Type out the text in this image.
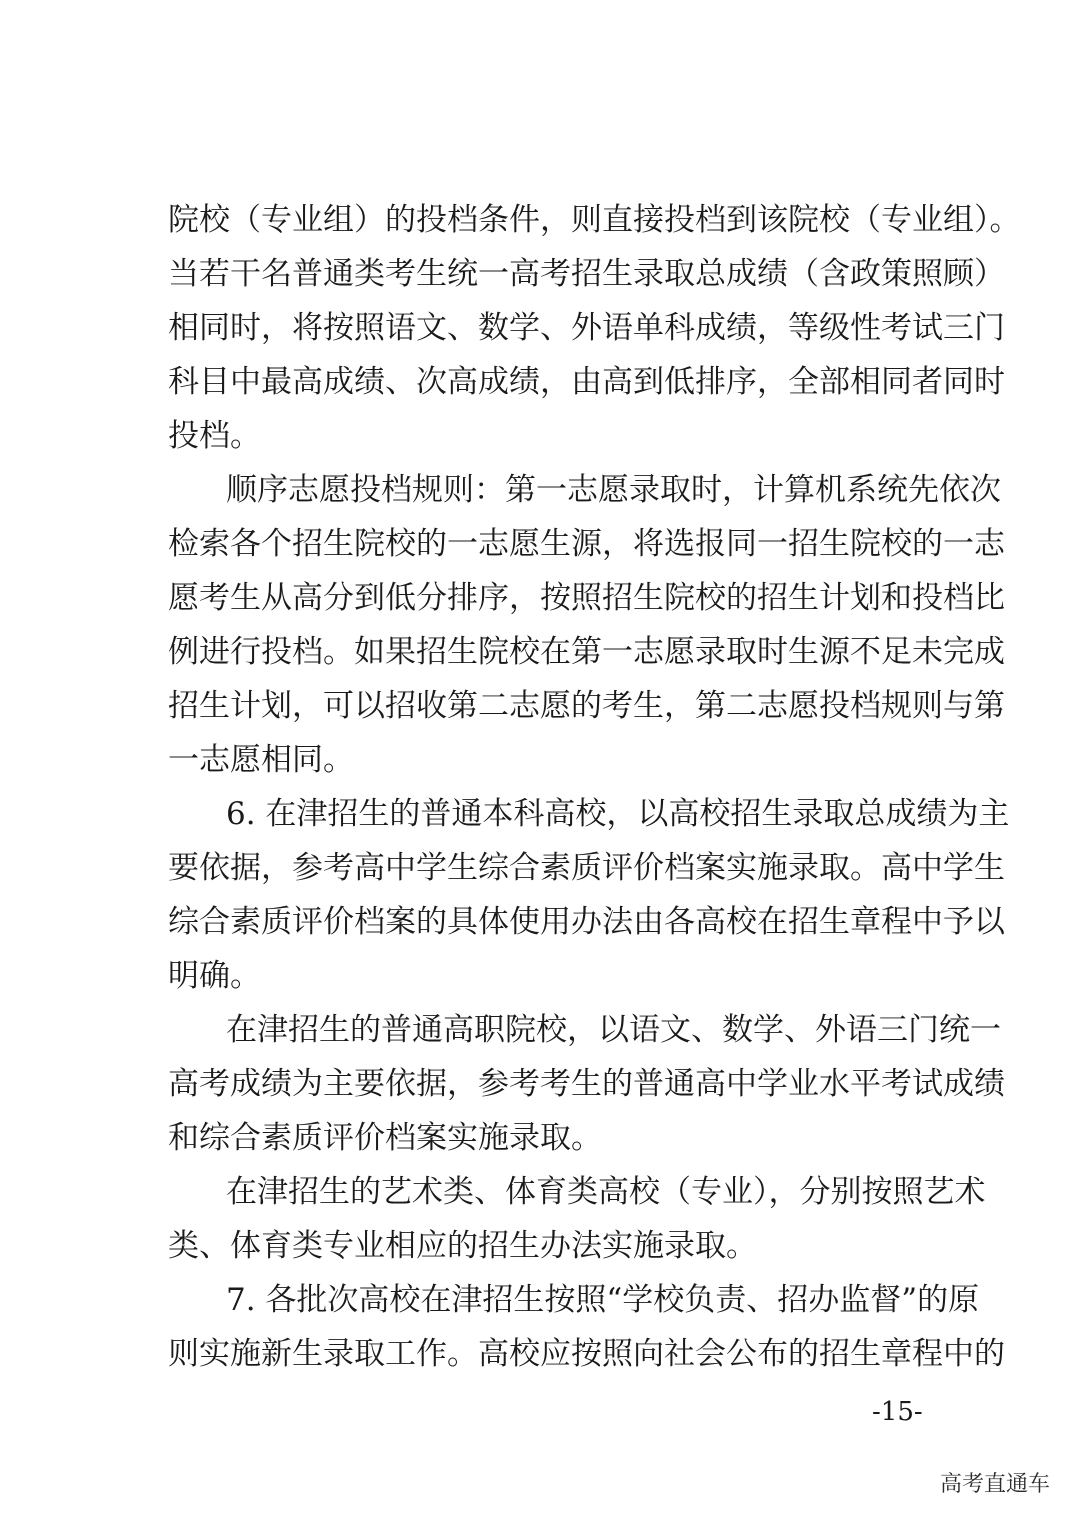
院校（专业组）的投档条件，则直接投档到该院校（专业组）。
当若干名普通类考生统一高考招生录取总成绩（含政策照顾）
相同时，将按照语文、数学、外语单科成绩，等级性考试三门
科目中最高成绩、次高成绩，由高到低排序，全部相同者同时
投档。
顺序志愿投档规则：第一志愿录取时，计算机系统先依次
检索各个招生院校的一志愿生源，将选报同一招生院校的一志
愿考生从高分到低分排序，按照招生院校的招生计划和投档比
例进行投档。如果招生院校在第一志愿录取时生源不足未完成
招生计划，可以招收第二志愿的考生，第二志愿投档规则与第
一志愿相同。
6. 在津招生的普通本科高校，以高校招生录取总成绩为主
要依据，参考高中学生综合素质评价档案实施录取。高中学生
综合素质评价档案的具体使用办法由各高校在招生章程中予以
明确。
在津招生的普通高职院校，以语文、数学、外语三门统一
高考成绩为主要依据，参考考生的普通高中学业水平考试成绩
和综合素质评价档案实施录取。
在津招生的艺术类、体育类高校（专业），分别按照艺术
类、体育类专业相应的招生办法实施录取。
7. 各批次高校在津招生按照“学校负责、招办监督”的原
则实施新生录取工作。高校应按照向社会公布的招生章程中的
-15-
高考直通车
